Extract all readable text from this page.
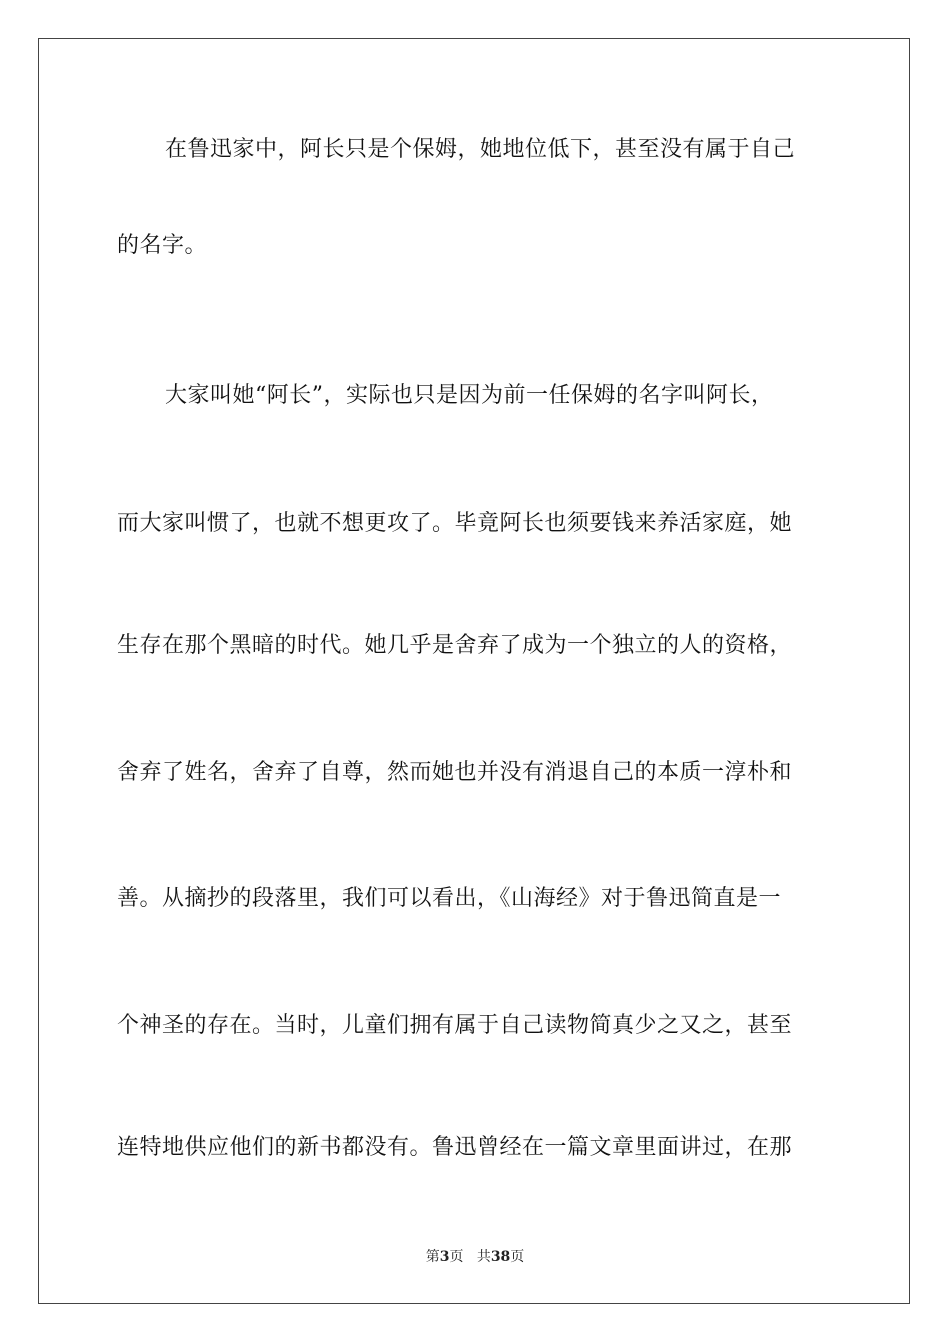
在鲁迅家中，阿长只是个保姆，她地位低下，甚至没有属于自己
的名字。
大家叫她“阿长”，实际也只是因为前一任保姆的名字叫阿长，
而大家叫惯了，也就不想更攻了。毕竟阿长也须要钱来养活家庭，她
生存在那个黑暗的时代。她几乎是舍弃了成为一个独立的人的资格，
舍弃了姓名，舍弃了自尊，然而她也并没有消退自己的本质一淳朴和
善。从摘抄的段落里，我们可以看出，《山海经》对于鲁迅简直是一
个神圣的存在。当时，儿童们拥有属于自己读物简真少之又之，甚至
连特地供应他们的新书都没有。鲁迅曾经在一篇文章里面讲过，在那
第3页 共38页
